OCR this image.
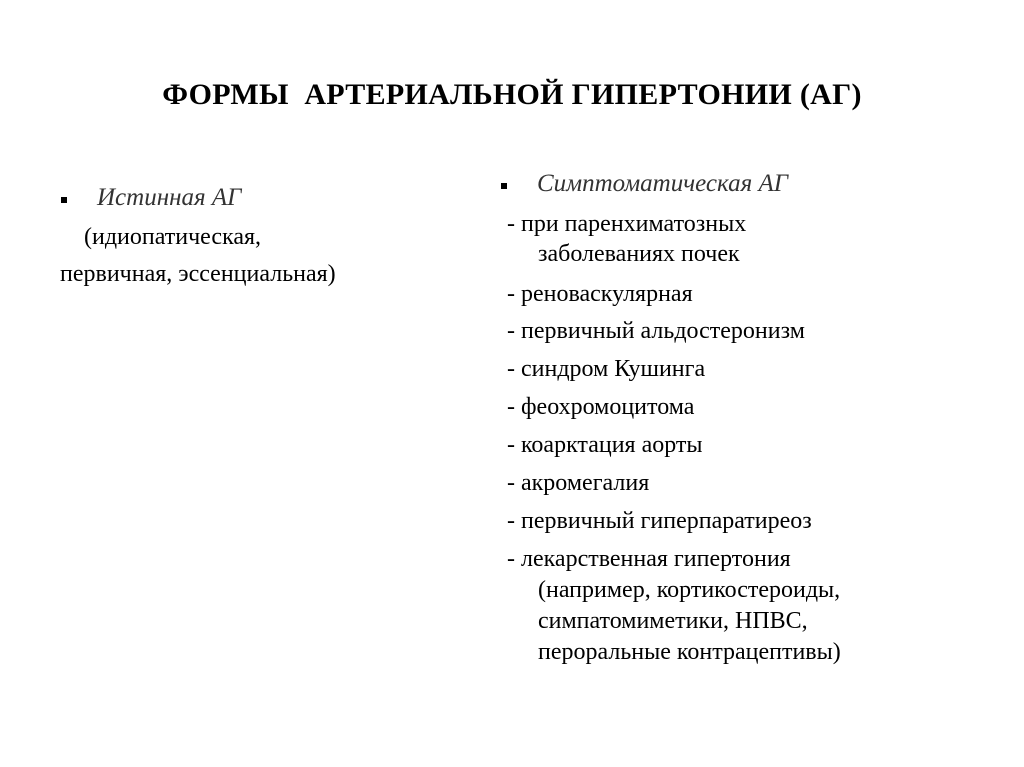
ФОРМЫ  АРТЕРИАЛЬНОЙ ГИПЕРТОНИИ (АГ)
Истинная АГ
(идиопатическая,
первичная, эссенциальная)
Симптоматическая АГ
- при паренхиматозных
заболеваниях почек
- реноваскулярная
- первичный альдостеронизм
- синдром Кушинга
- феохромоцитома
- коарктация аорты
- акромегалия
- первичный гиперпаратиреоз
- лекарственная гипертония
(например, кортикостероиды,
симпатомиметики, НПВС,
пероральные контрацептивы)
